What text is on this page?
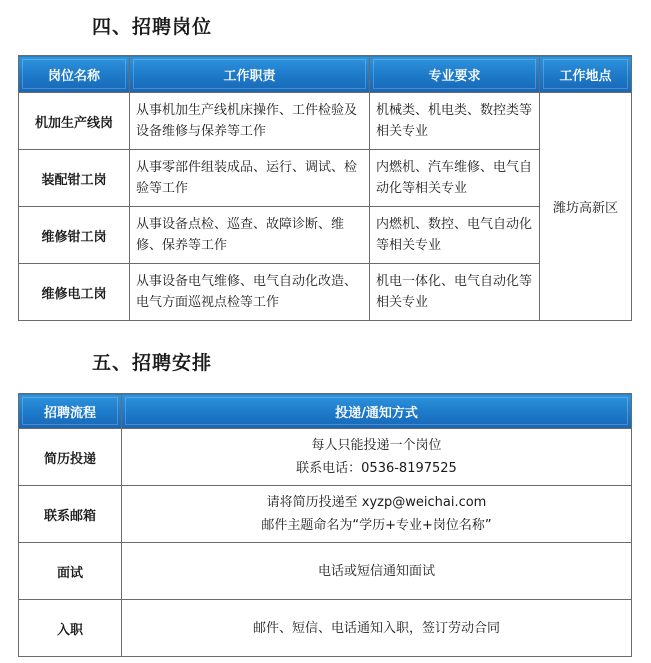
四、招聘岗位
岗位名称	工作职责	专业要求	工作地点
机加生产线岗	从事机加生产线机床操作、工件检验及设备维修与保养等工作	机械类、机电类、数控类等相关专业	潍坊高新区
装配钳工岗	从事零部件组装成品、运行、调试、检验等工作	内燃机、汽车维修、电气自动化等相关专业	
维修钳工岗	从事设备点检、巡查、故障诊断、维修、保养等工作	内燃机、数控、电气自动化等相关专业	
维修电工岗	从事设备电气维修、电气自动化改造、电气方面巡视点检等工作	机电一体化、电气自动化等相关专业	
五、招聘安排
招聘流程	投递/通知方式
简历投递	每人只能投递一个岗位
联系电话：0536-8197525

联系邮箱	请将简历投递至 xyzp@weichai.com
邮件主题命名为“学历+专业+岗位名称”

面试	电话或短信通知面试

入职	邮件、短信、电话通知入职，签订劳动合同
